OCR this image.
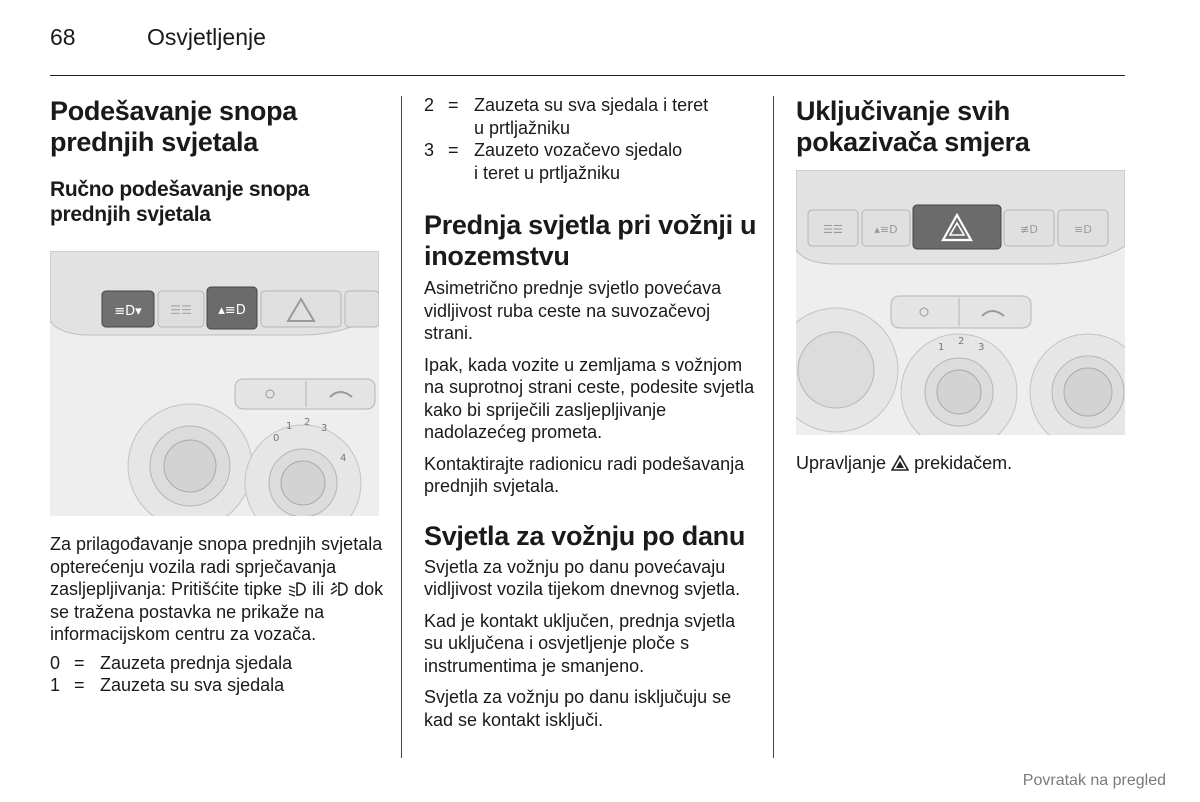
68	Osvjetljenje
Podešavanje snopa prednjih svjetala
Ručno podešavanje snopa prednjih svjetala
≡D▾ ☰☰ ▴≡D
0
1 2
3
4

Za prilagođavanje snopa prednjih svjetala opterećenju vozila radi sprječavanja zasljepljivanja: Pritišćite tipke ili dok se tražena postavka ne prikaže na informacijskom centru za vozača.

0 = Zauzeta prednja sjedala
1 = Zauzeta su sva sjedala
2 = Zauzeta su sva sjedala i teret
u prtljažniku
3 = Zauzeto vozačevo sjedalo
i teret u prtljažniku
Prednja svjetla pri vožnji u inozemstvu

Asimetrično prednje svjetlo povećava vidljivost ruba ceste na suvozačevoj strani.

Ipak, kada vozite u zemljama s vožnjom na suprotnoj strani ceste, podesite svjetla kako bi spriječili zasljepljivanje nadolazećeg prometa.

Kontaktirajte radionicu radi podešavanja prednjih svjetala.

Svjetla za vožnju po danu

Svjetla za vožnju po danu povećavaju vidljivost vozila tijekom dnevnog svjetla.

Kad je kontakt uključen, prednja svjetla su uključena i osvjetljenje ploče s instrumentima je smanjeno.

Svjetla za vožnju po danu isključuju se kad se kontakt isključi.

Uključivanje svih pokazivača smjera
☰☰	▴≡D	≢D	≡D
1
2
3

Upravljanje prekidačem.

Povratak na pregled
